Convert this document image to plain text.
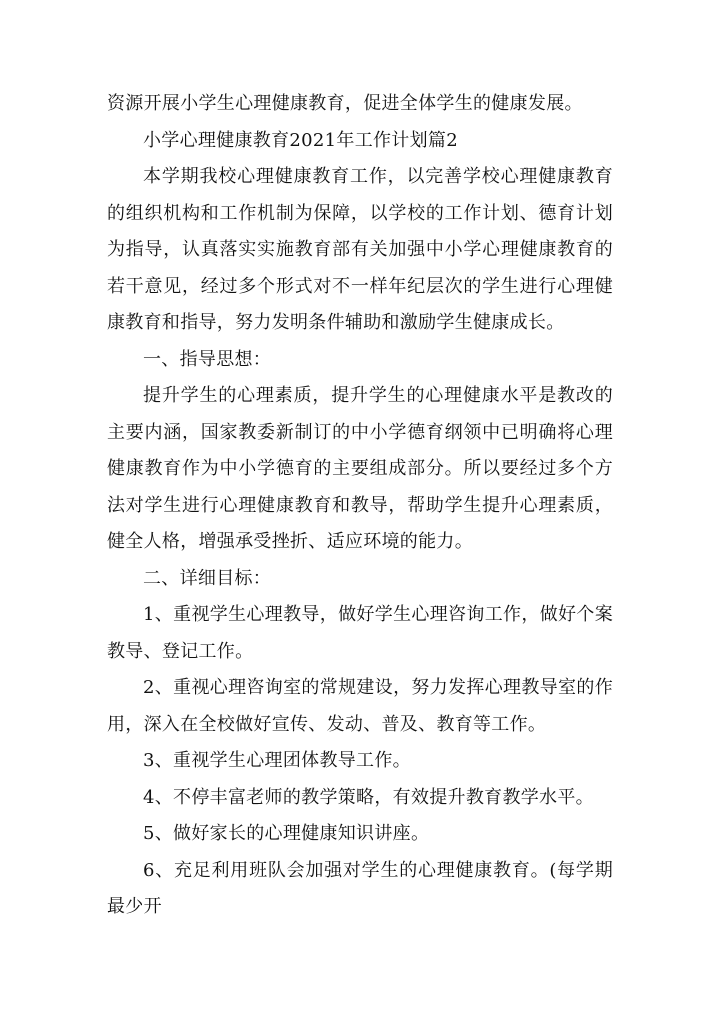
资源开展小学生心理健康教育，促进全体学生的健康发展。

小学心理健康教育2021年工作计划篇2

本学期我校心理健康教育工作，以完善学校心理健康教育的组织机构和工作机制为保障，以学校的工作计划、德育计划为指导，认真落实实施教育部有关加强中小学心理健康教育的若干意见，经过多个形式对不一样年纪层次的学生进行心理健康教育和指导，努力发明条件辅助和激励学生健康成长。

一、指导思想：

提升学生的心理素质，提升学生的心理健康水平是教改的主要内涵，国家教委新制订的中小学德育纲领中已明确将心理健康教育作为中小学德育的主要组成部分。所以要经过多个方法对学生进行心理健康教育和教导，帮助学生提升心理素质，健全人格，增强承受挫折、适应环境的能力。

二、详细目标：

1、重视学生心理教导，做好学生心理咨询工作，做好个案教导、登记工作。

2、重视心理咨询室的常规建设，努力发挥心理教导室的作用，深入在全校做好宣传、发动、普及、教育等工作。

3、重视学生心理团体教导工作。

4、不停丰富老师的教学策略，有效提升教育教学水平。

5、做好家长的心理健康知识讲座。

6、充足利用班队会加强对学生的心理健康教育。(每学期最少开
